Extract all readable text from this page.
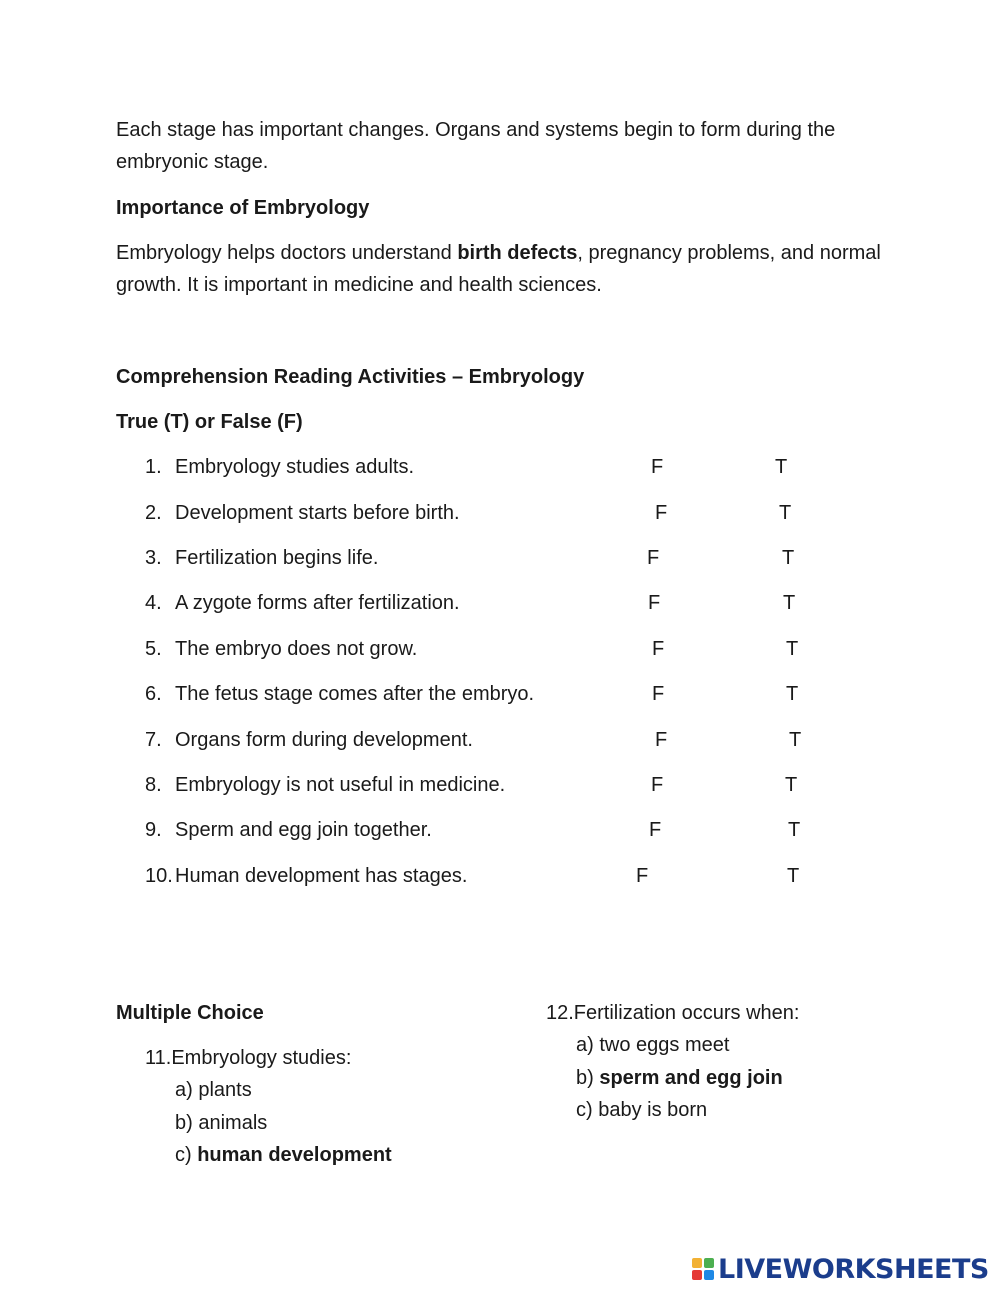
Each stage has important changes. Organs and systems begin to form during the embryonic stage.
Importance of Embryology
Embryology helps doctors understand birth defects, pregnancy problems, and normal growth. It is important in medicine and health sciences.
Comprehension Reading Activities – Embryology
True (T) or False (F)
1. Embryology studies adults.	F	T
2. Development starts before birth.	F	T
3. Fertilization begins life.	F	T
4. A zygote forms after fertilization.	F	T
5. The embryo does not grow.	F	T
6. The fetus stage comes after the embryo.	F	T
7. Organs form during development.	F	T
8. Embryology is not useful in medicine.	F	T
9. Sperm and egg join together.	F	T
10. Human development has stages.	F	T
Multiple Choice
11.Embryology studies:
a) plants
b) animals
c) human development
12.Fertilization occurs when:
a) two eggs meet
b) sperm and egg join
c) baby is born
LIVEWORKSHEETS
